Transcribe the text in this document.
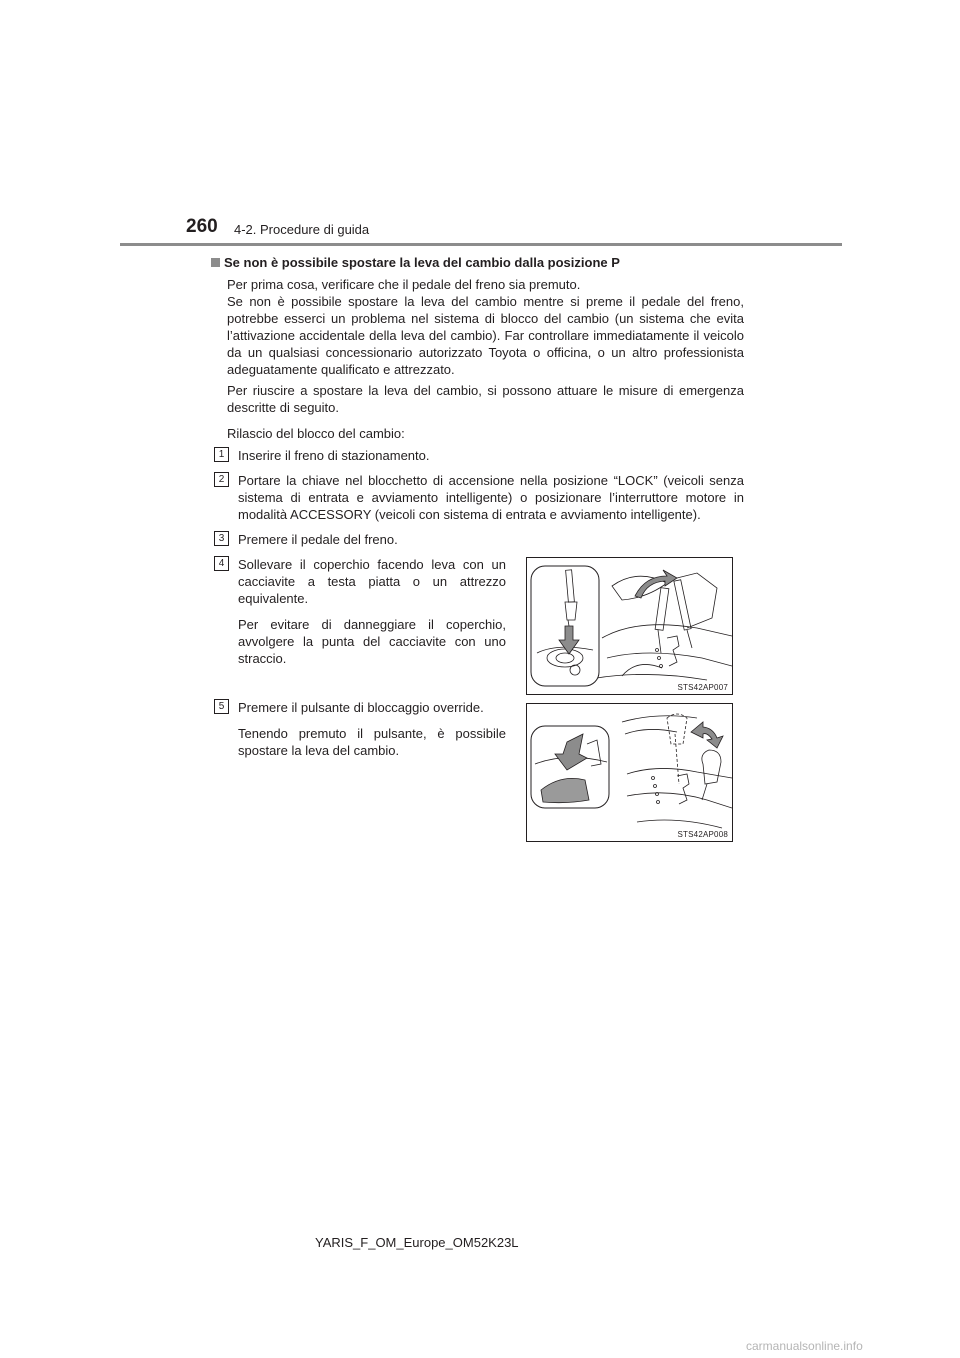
260 4-2. Procedure di guida
Se non è possibile spostare la leva del cambio dalla posizione P
Per prima cosa, verificare che il pedale del freno sia premuto.
Se non è possibile spostare la leva del cambio mentre si preme il pedale del freno, potrebbe esserci un problema nel sistema di blocco del cambio (un sistema che evita l’attivazione accidentale della leva del cambio). Far controllare immediatamente il veicolo da un qualsiasi concessionario autorizzato Toyota o officina, o un altro professionista adeguatamente qualificato e attrezzato.
Per riuscire a spostare la leva del cambio, si possono attuare le misure di emergenza descritte di seguito.
Rilascio del blocco del cambio:
1	Inserire il freno di stazionamento.
2	Portare la chiave nel blocchetto di accensione nella posizione “LOCK” (veicoli senza sistema di entrata e avviamento intelligente) o posizionare l’interruttore motore in modalità ACCESSORY (veicoli con sistema di entrata e avviamento intelligente).
3	Premere il pedale del freno.
4	Sollevare il coperchio facendo leva con un cacciavite a testa piatta o un attrezzo equivalente.
Per evitare di danneggiare il coperchio, avvolgere la punta del cacciavite con uno straccio.
5	Premere il pulsante di bloccaggio override.
Tenendo premuto il pulsante, è possibile spostare la leva del cambio.
STS42AP007
STS42AP008
YARIS_F_OM_Europe_OM52K23L
carmanualsonline.info
